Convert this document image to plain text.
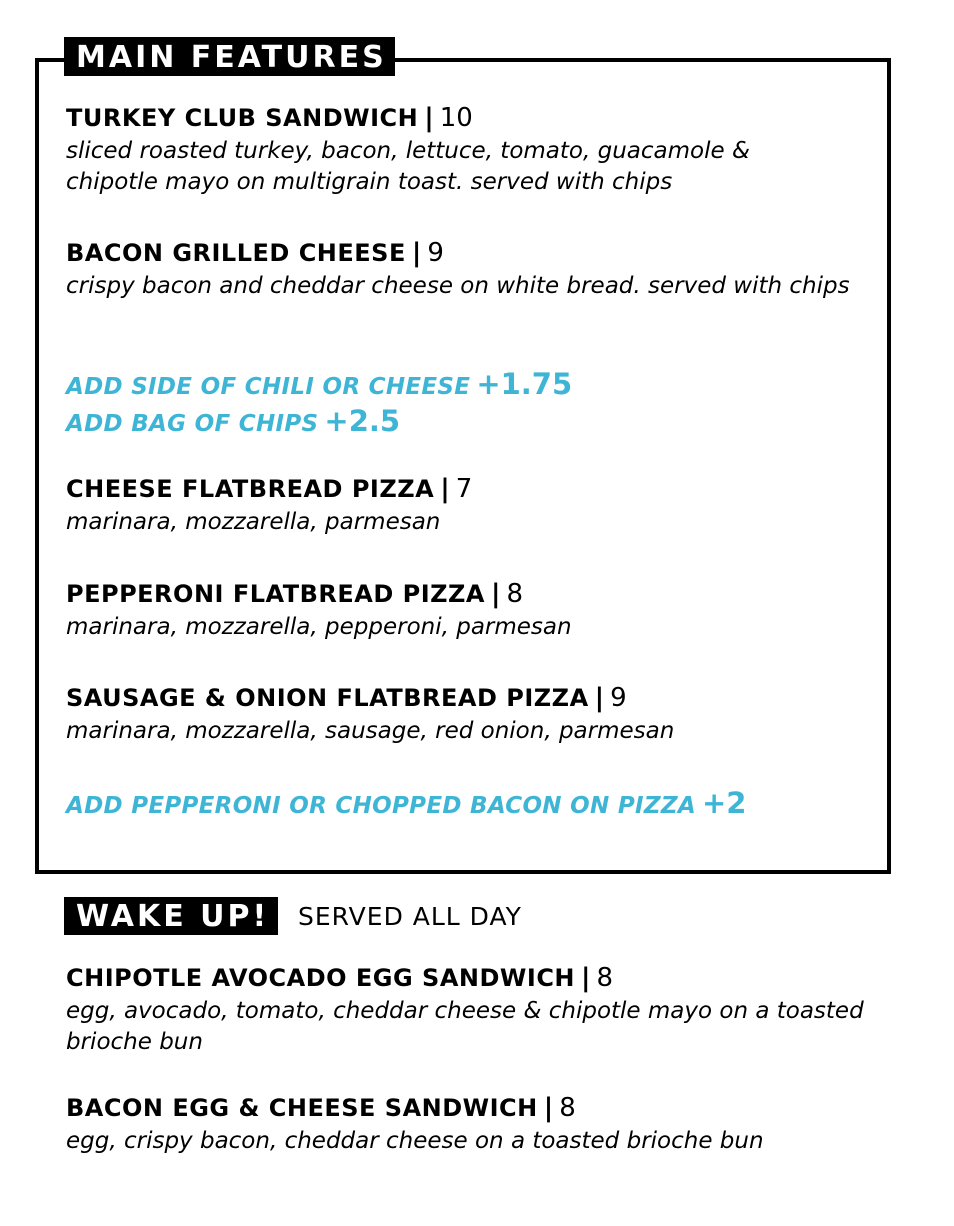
MAIN FEATURES
TURKEY CLUB SANDWICH | 10
sliced roasted turkey, bacon, lettuce, tomato, guacamole & chipotle mayo on multigrain toast. served with chips
BACON GRILLED CHEESE | 9
crispy bacon and cheddar cheese on white bread. served with chips
ADD SIDE OF CHILI OR CHEESE +1.75
ADD BAG OF CHIPS +2.5
CHEESE FLATBREAD PIZZA | 7
marinara, mozzarella, parmesan
PEPPERONI FLATBREAD PIZZA | 8
marinara, mozzarella, pepperoni, parmesan
SAUSAGE & ONION FLATBREAD PIZZA | 9
marinara, mozzarella, sausage, red onion, parmesan
ADD PEPPERONI OR CHOPPED BACON ON PIZZA +2
WAKE UP!	SERVED ALL DAY
CHIPOTLE AVOCADO EGG SANDWICH | 8
egg, avocado, tomato, cheddar cheese & chipotle mayo on a toasted brioche bun
BACON EGG & CHEESE SANDWICH | 8
egg, crispy bacon, cheddar cheese on a toasted brioche bun
